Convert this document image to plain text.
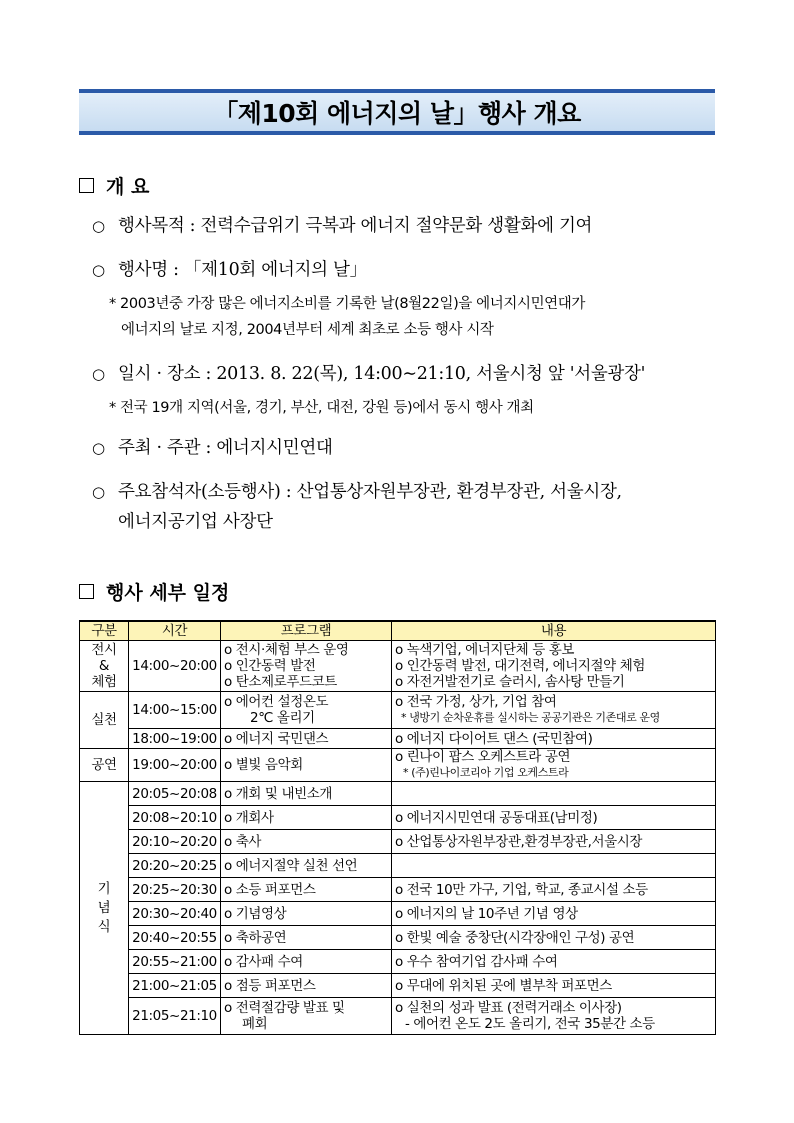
「제10회 에너지의 날」행사 개요
개 요
○ 행사목적 : 전력수급위기 극복과 에너지 절약문화 생활화에 기여
○ 행사명 : 「제10회 에너지의 날」
* 2003년중 가장 많은 에너지소비를 기록한 날(8월22일)을 에너지시민연대가
에너지의 날로 지정, 2004년부터 세계 최초로 소등 행사 시작
○ 일시 · 장소 : 2013. 8. 22(목), 14:00∼21:10, 서울시청 앞 '서울광장'
* 전국 19개 지역(서울, 경기, 부산, 대전, 강원 등)에서 동시 행사 개최
○ 주최 · 주관 : 에너지시민연대
○ 주요참석자(소등행사) : 산업통상자원부장관, 환경부장관, 서울시장,
에너지공기업 사장단
행사 세부 일정
구분	시간	프로그램	내용

전시
&
체험	14:00~20:00	o 전시·체험 부스 운영
o 인간동력 발전
o 탄소제로푸드코트	o 녹색기업, 에너지단체 등 홍보
o 인간동력 발전, 대기전력, 에너지절약 체험
o 자전거발전기로 슬러시, 솜사탕 만들기

실천	14:00~15:00	o 에어컨 설정온도
2℃ 올리기	o 전국 가정, 상가, 기업 참여
* 냉방기 순차운휴를 실시하는 공공기관은 기존대로 운영

	18:00~19:00	o 에너지 국민댄스	o 에너지 다이어트 댄스 (국민참여)
공연	19:00~20:00	o 별빛 음악회	o 린나이 팝스 오케스트라 공연
* (주)린나이코리아 기업 오케스트라

기
념
식	20:05~20:08	o 개회 및 내빈소개	
	20:08~20:10	o 개회사	o 에너지시민연대 공동대표(남미정)
	20:10~20:20	o 축사	o 산업통상자원부장관,환경부장관,서울시장
	20:20~20:25	o 에너지절약 실천 선언	
	20:25~20:30	o 소등 퍼포먼스	o 전국 10만 가구, 기업, 학교, 종교시설 소등
	20:30~20:40	o 기념영상	o 에너지의 날 10주년 기념 영상
	20:40~20:55	o 축하공연	o 한빛 예술 중창단(시각장애인 구성) 공연
	20:55~21:00	o 감사패 수여	o 우수 참여기업 감사패 수여
	21:00~21:05	o 점등 퍼포먼스	o 무대에 위치된 곳에 별부착 퍼포먼스
	21:05~21:10	o 전력절감량 발표 및
폐회	o 실천의 성과 발표 (전력거래소 이사장)
- 에어컨 온도 2도 올리기, 전국 35분간 소등
